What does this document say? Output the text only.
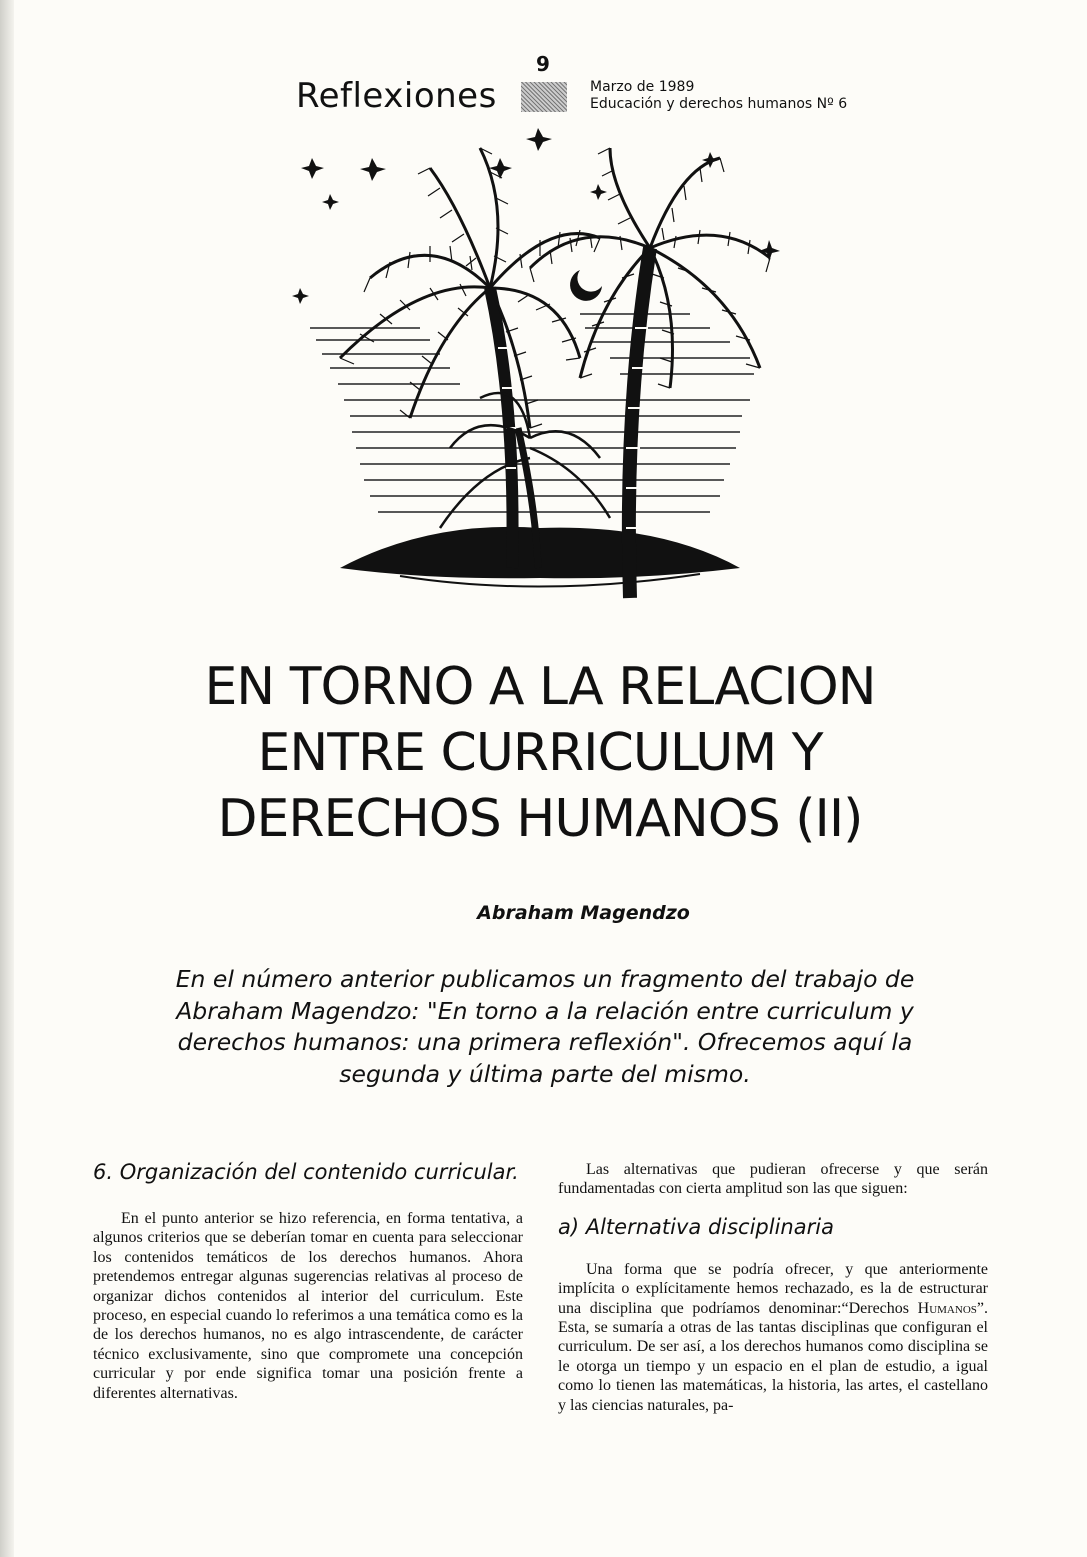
9
Reflexiones	Marzo de 1989
Educación y derechos humanos Nº 6
EN TORNO A LA RELACION
ENTRE CURRICULUM Y
DERECHOS HUMANOS (II)
Abraham Magendzo

En el número anterior publicamos un fragmento del trabajo de Abraham Magendzo: "En torno a la relación entre curriculum y derechos humanos: una primera reflexión". Ofrecemos aquí la segunda y última parte del mismo.

6. Organización del contenido curricular.

En el punto anterior se hizo referencia, en forma tentativa, a algunos criterios que se deberían tomar en cuenta para seleccionar los contenidos temáticos de los derechos humanos. Ahora pretendemos entregar algunas sugerencias relativas al proceso de organizar dichos contenidos al interior del curriculum. Este proceso, en especial cuando lo referimos a una temática como es la de los derechos humanos, no es algo intrascendente, de carácter técnico exclusivamente, sino que compromete una concepción curricular y por ende significa tomar una posición frente a diferentes alternativas.

Las alternativas que pudieran ofrecerse y que serán fundamentadas con cierta amplitud son las que siguen:

a) Alternativa disciplinaria

Una forma que se podría ofrecer, y que anteriormente implícita o explícitamente hemos rechazado, es la de estructurar una disciplina que podríamos denominar:“Derechos Humanos”. Esta, se sumaría a otras de las tantas disciplinas que configuran el curriculum. De ser así, a los derechos humanos como disciplina se le otorga un tiempo y un espacio en el plan de estudio, a igual como lo tienen las matemáticas, la historia, las artes, el castellano y las ciencias naturales, pa-
